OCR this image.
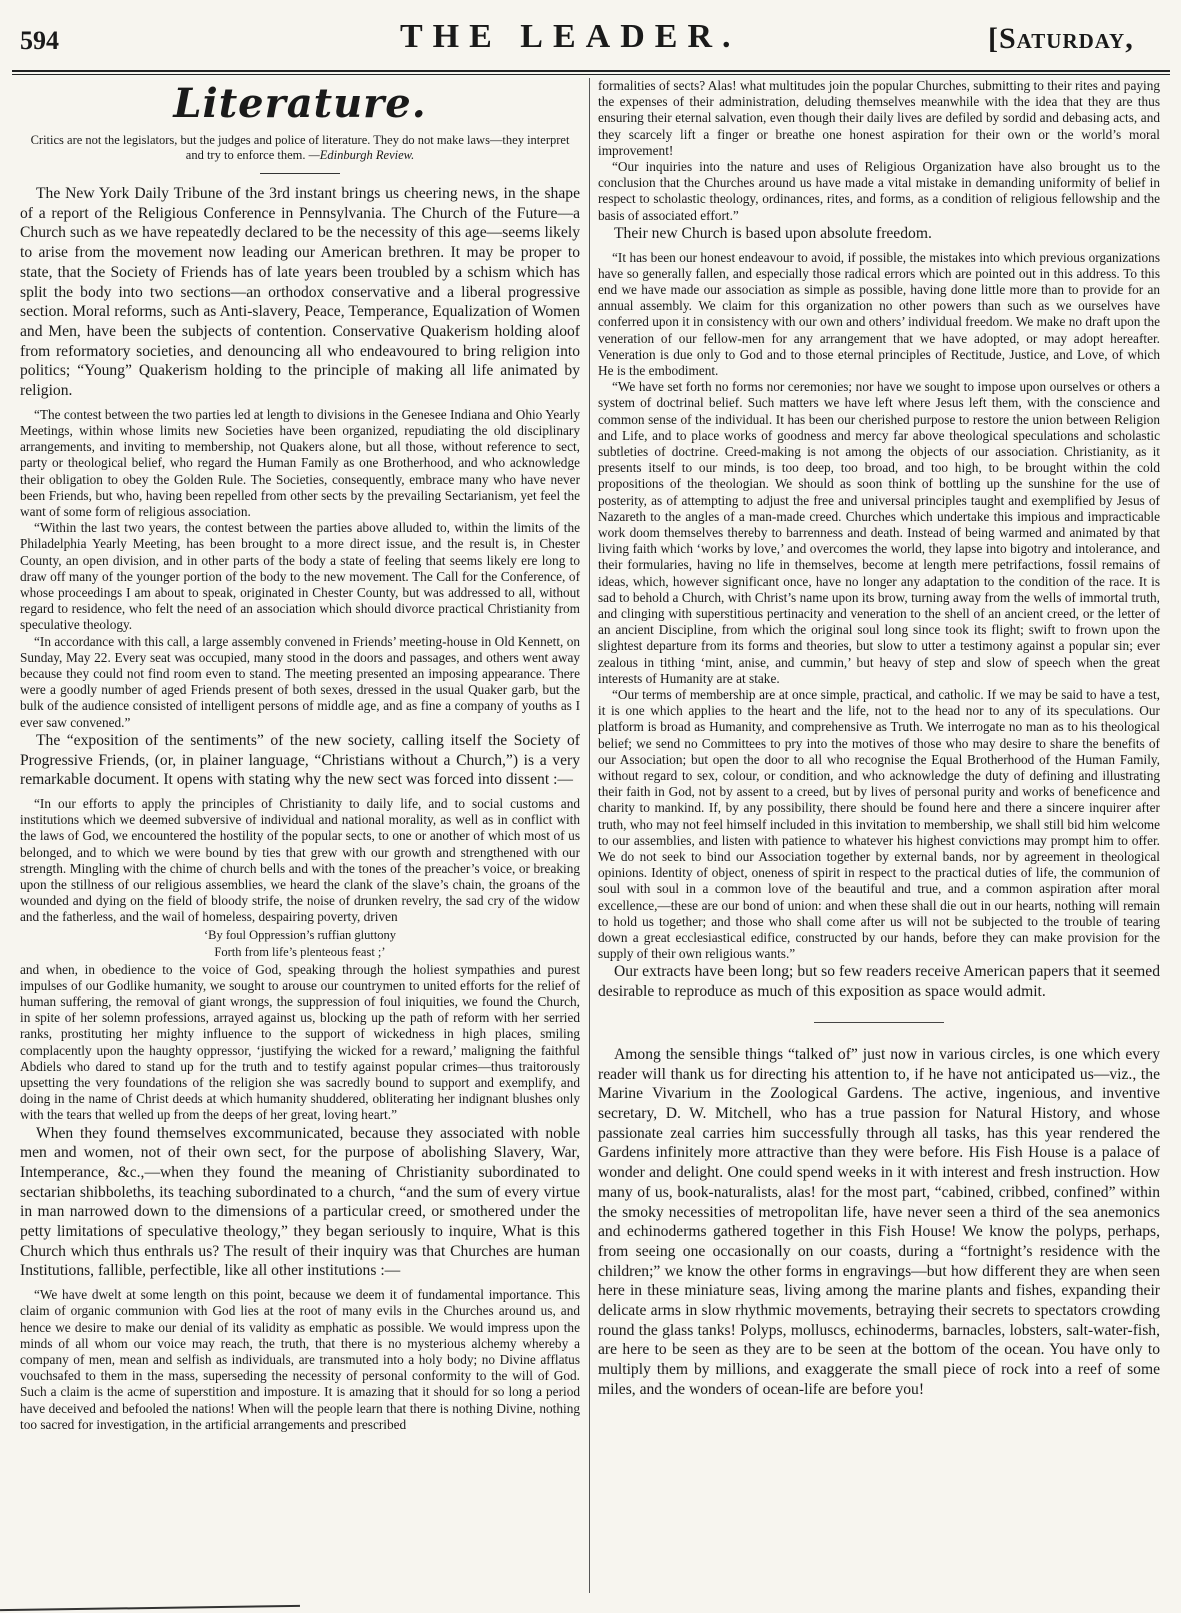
594	THE LEADER.	[Saturday,
Literature.
Critics are not the legislators, but the judges and police of literature. They do not make laws—they interpret and try to enforce them. —Edinburgh Review.

The New York Daily Tribune of the 3rd instant brings us cheering news, in the shape of a report of the Religious Conference in Pennsylvania. The Church of the Future—a Church such as we have repeatedly declared to be the necessity of this age—seems likely to arise from the movement now leading our American brethren. It may be proper to state, that the Society of Friends has of late years been troubled by a schism which has split the body into two sections—an orthodox conservative and a liberal progressive section. Moral reforms, such as Anti-slavery, Peace, Temperance, Equalization of Women and Men, have been the subjects of contention. Conservative Quakerism holding aloof from reformatory societies, and denouncing all who endeavoured to bring religion into politics; “Young” Quakerism holding to the principle of making all life animated by religion.

“The contest between the two parties led at length to divisions in the Genesee Indiana and Ohio Yearly Meetings, within whose limits new Societies have been organized, repudiating the old disciplinary arrangements, and inviting to membership, not Quakers alone, but all those, without reference to sect, party or theological belief, who regard the Human Family as one Brotherhood, and who acknowledge their obligation to obey the Golden Rule. The Societies, consequently, embrace many who have never been Friends, but who, having been repelled from other sects by the prevailing Sectarianism, yet feel the want of some form of religious association.

“Within the last two years, the contest between the parties above alluded to, within the limits of the Philadelphia Yearly Meeting, has been brought to a more direct issue, and the result is, in Chester County, an open division, and in other parts of the body a state of feeling that seems likely ere long to draw off many of the younger portion of the body to the new movement. The Call for the Conference, of whose proceedings I am about to speak, originated in Chester County, but was addressed to all, without regard to residence, who felt the need of an association which should divorce practical Christianity from speculative theology.

“In accordance with this call, a large assembly convened in Friends’ meeting-house in Old Kennett, on Sunday, May 22. Every seat was occupied, many stood in the doors and passages, and others went away because they could not find room even to stand. The meeting presented an imposing appearance. There were a goodly number of aged Friends present of both sexes, dressed in the usual Quaker garb, but the bulk of the audience consisted of intelligent persons of middle age, and as fine a company of youths as I ever saw convened.”

The “exposition of the sentiments” of the new society, calling itself the Society of Progressive Friends, (or, in plainer language, “Christians without a Church,”) is a very remarkable document. It opens with stating why the new sect was forced into dissent :—

“In our efforts to apply the principles of Christianity to daily life, and to social customs and institutions which we deemed subversive of individual and national morality, as well as in conflict with the laws of God, we encountered the hostility of the popular sects, to one or another of which most of us belonged, and to which we were bound by ties that grew with our growth and strengthened with our strength. Mingling with the chime of church bells and with the tones of the preacher’s voice, or breaking upon the stillness of our religious assemblies, we heard the clank of the slave’s chain, the groans of the wounded and dying on the field of bloody strife, the noise of drunken revelry, the sad cry of the widow and the fatherless, and the wail of homeless, despairing poverty, driven

‘By foul Oppression’s ruffian gluttony

Forth from life’s plenteous feast ;’

and when, in obedience to the voice of God, speaking through the holiest sympathies and purest impulses of our Godlike humanity, we sought to arouse our countrymen to united efforts for the relief of human suffering, the removal of giant wrongs, the suppression of foul iniquities, we found the Church, in spite of her solemn professions, arrayed against us, blocking up the path of reform with her serried ranks, prostituting her mighty influence to the support of wickedness in high places, smiling complacently upon the haughty oppressor, ‘justifying the wicked for a reward,’ maligning the faithful Abdiels who dared to stand up for the truth and to testify against popular crimes—thus traitorously upsetting the very foundations of the religion she was sacredly bound to support and exemplify, and doing in the name of Christ deeds at which humanity shuddered, obliterating her indignant blushes only with the tears that welled up from the deeps of her great, loving heart.”

When they found themselves excommunicated, because they associated with noble men and women, not of their own sect, for the purpose of abolishing Slavery, War, Intemperance, &c.,—when they found the meaning of Christianity subordinated to sectarian shibboleths, its teaching subordinated to a church, “and the sum of every virtue in man narrowed down to the dimensions of a particular creed, or smothered under the petty limitations of speculative theology,” they began seriously to inquire, What is this Church which thus enthrals us? The result of their inquiry was that Churches are human Institutions, fallible, perfectible, like all other institutions :—

“We have dwelt at some length on this point, because we deem it of fundamental importance. This claim of organic communion with God lies at the root of many evils in the Churches around us, and hence we desire to make our denial of its validity as emphatic as possible. We would impress upon the minds of all whom our voice may reach, the truth, that there is no mysterious alchemy whereby a company of men, mean and selfish as individuals, are transmuted into a holy body; no Divine afflatus vouchsafed to them in the mass, superseding the necessity of personal conformity to the will of God. Such a claim is the acme of superstition and imposture. It is amazing that it should for so long a period have deceived and befooled the nations! When will the people learn that there is nothing Divine, nothing too sacred for investigation, in the artificial arrangements and prescribed

formalities of sects? Alas! what multitudes join the popular Churches, submitting to their rites and paying the expenses of their administration, deluding themselves meanwhile with the idea that they are thus ensuring their eternal salvation, even though their daily lives are defiled by sordid and debasing acts, and they scarcely lift a finger or breathe one honest aspiration for their own or the world’s moral improvement!

“Our inquiries into the nature and uses of Religious Organization have also brought us to the conclusion that the Churches around us have made a vital mistake in demanding uniformity of belief in respect to scholastic theology, ordinances, rites, and forms, as a condition of religious fellowship and the basis of associated effort.”

Their new Church is based upon absolute freedom.

“It has been our honest endeavour to avoid, if possible, the mistakes into which previous organizations have so generally fallen, and especially those radical errors which are pointed out in this address. To this end we have made our association as simple as possible, having done little more than to provide for an annual assembly. We claim for this organization no other powers than such as we ourselves have conferred upon it in consistency with our own and others’ individual freedom. We make no draft upon the veneration of our fellow-men for any arrangement that we have adopted, or may adopt hereafter. Veneration is due only to God and to those eternal principles of Rectitude, Justice, and Love, of which He is the embodiment.

“We have set forth no forms nor ceremonies; nor have we sought to impose upon ourselves or others a system of doctrinal belief. Such matters we have left where Jesus left them, with the conscience and common sense of the individual. It has been our cherished purpose to restore the union between Religion and Life, and to place works of goodness and mercy far above theological speculations and scholastic subtleties of doctrine. Creed-making is not among the objects of our association. Christianity, as it presents itself to our minds, is too deep, too broad, and too high, to be brought within the cold propositions of the theologian. We should as soon think of bottling up the sunshine for the use of posterity, as of attempting to adjust the free and universal principles taught and exemplified by Jesus of Nazareth to the angles of a man-made creed. Churches which undertake this impious and impracticable work doom themselves thereby to barrenness and death. Instead of being warmed and animated by that living faith which ‘works by love,’ and overcomes the world, they lapse into bigotry and intolerance, and their formularies, having no life in themselves, become at length mere petrifactions, fossil remains of ideas, which, however significant once, have no longer any adaptation to the condition of the race. It is sad to behold a Church, with Christ’s name upon its brow, turning away from the wells of immortal truth, and clinging with superstitious pertinacity and veneration to the shell of an ancient creed, or the letter of an ancient Discipline, from which the original soul long since took its flight; swift to frown upon the slightest departure from its forms and theories, but slow to utter a testimony against a popular sin; ever zealous in tithing ‘mint, anise, and cummin,’ but heavy of step and slow of speech when the great interests of Humanity are at stake.

“Our terms of membership are at once simple, practical, and catholic. If we may be said to have a test, it is one which applies to the heart and the life, not to the head nor to any of its speculations. Our platform is broad as Humanity, and comprehensive as Truth. We interrogate no man as to his theological belief; we send no Committees to pry into the motives of those who may desire to share the benefits of our Association; but open the door to all who recognise the Equal Brotherhood of the Human Family, without regard to sex, colour, or condition, and who acknowledge the duty of defining and illustrating their faith in God, not by assent to a creed, but by lives of personal purity and works of beneficence and charity to mankind. If, by any possibility, there should be found here and there a sincere inquirer after truth, who may not feel himself included in this invitation to membership, we shall still bid him welcome to our assemblies, and listen with patience to whatever his highest convictions may prompt him to offer. We do not seek to bind our Association together by external bands, nor by agreement in theological opinions. Identity of object, oneness of spirit in respect to the practical duties of life, the communion of soul with soul in a common love of the beautiful and true, and a common aspiration after moral excellence,—these are our bond of union: and when these shall die out in our hearts, nothing will remain to hold us together; and those who shall come after us will not be subjected to the trouble of tearing down a great ecclesiastical edifice, constructed by our hands, before they can make provision for the supply of their own religious wants.”

Our extracts have been long; but so few readers receive American papers that it seemed desirable to reproduce as much of this exposition as space would admit.

Among the sensible things “talked of” just now in various circles, is one which every reader will thank us for directing his attention to, if he have not anticipated us—viz., the Marine Vivarium in the Zoological Gardens. The active, ingenious, and inventive secretary, D. W. Mitchell, who has a true passion for Natural History, and whose passionate zeal carries him successfully through all tasks, has this year rendered the Gardens infinitely more attractive than they were before. His Fish House is a palace of wonder and delight. One could spend weeks in it with interest and fresh instruction. How many of us, book-naturalists, alas! for the most part, “cabined, cribbed, confined” within the smoky necessities of metropolitan life, have never seen a third of the sea anemonics and echinoderms gathered together in this Fish House! We know the polyps, perhaps, from seeing one occasionally on our coasts, during a “fortnight’s residence with the children;” we know the other forms in engravings—but how different they are when seen here in these miniature seas, living among the marine plants and fishes, expanding their delicate arms in slow rhythmic movements, betraying their secrets to spectators crowding round the glass tanks! Polyps, molluscs, echinoderms, barnacles, lobsters, salt-water-fish, are here to be seen as they are to be seen at the bottom of the ocean. You have only to multiply them by millions, and exaggerate the small piece of rock into a reef of some miles, and the wonders of ocean-life are before you!
